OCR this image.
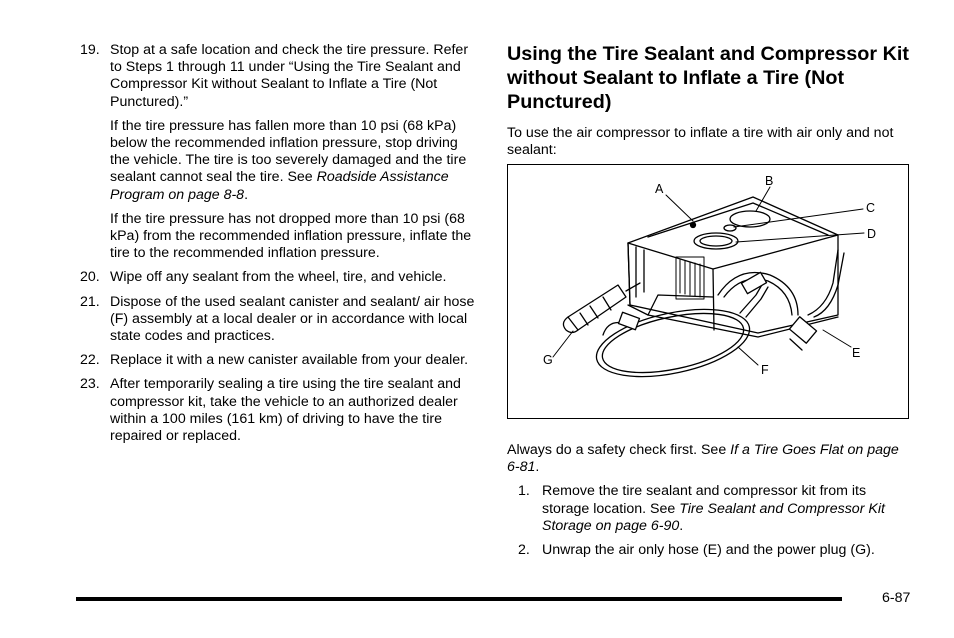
19. Stop at a safe location and check the tire pressure. Refer to Steps 1 through 11 under “Using the Tire Sealant and Compressor Kit without Sealant to Inflate a Tire (Not Punctured).”

If the tire pressure has fallen more than 10 psi (68 kPa) below the recommended inflation pressure, stop driving the vehicle. The tire is too severely damaged and the tire sealant cannot seal the tire. See Roadside Assistance Program on page 8-8.

If the tire pressure has not dropped more than 10 psi (68 kPa) from the recommended inflation pressure, inflate the tire to the recommended inflation pressure.

20. Wipe off any sealant from the wheel, tire, and vehicle.

21. Dispose of the used sealant canister and sealant/ air hose (F) assembly at a local dealer or in accordance with local state codes and practices.

22. Replace it with a new canister available from your dealer.

23. After temporarily sealing a tire using the tire sealant and compressor kit, take the vehicle to an authorized dealer within a 100 miles (161 km) of driving to have the tire repaired or replaced.

Using the Tire Sealant and Compressor Kit without Sealant to Inflate a Tire (Not Punctured)

To use the air compressor to inflate a tire with air only and not sealant:

A
B
C
D
E
F
G

Always do a safety check first. See If a Tire Goes Flat on page 6-81.

1. Remove the tire sealant and compressor kit from its storage location. See Tire Sealant and Compressor Kit Storage on page 6-90.
2. Unwrap the air only hose (E) and the power plug (G).
6-87
